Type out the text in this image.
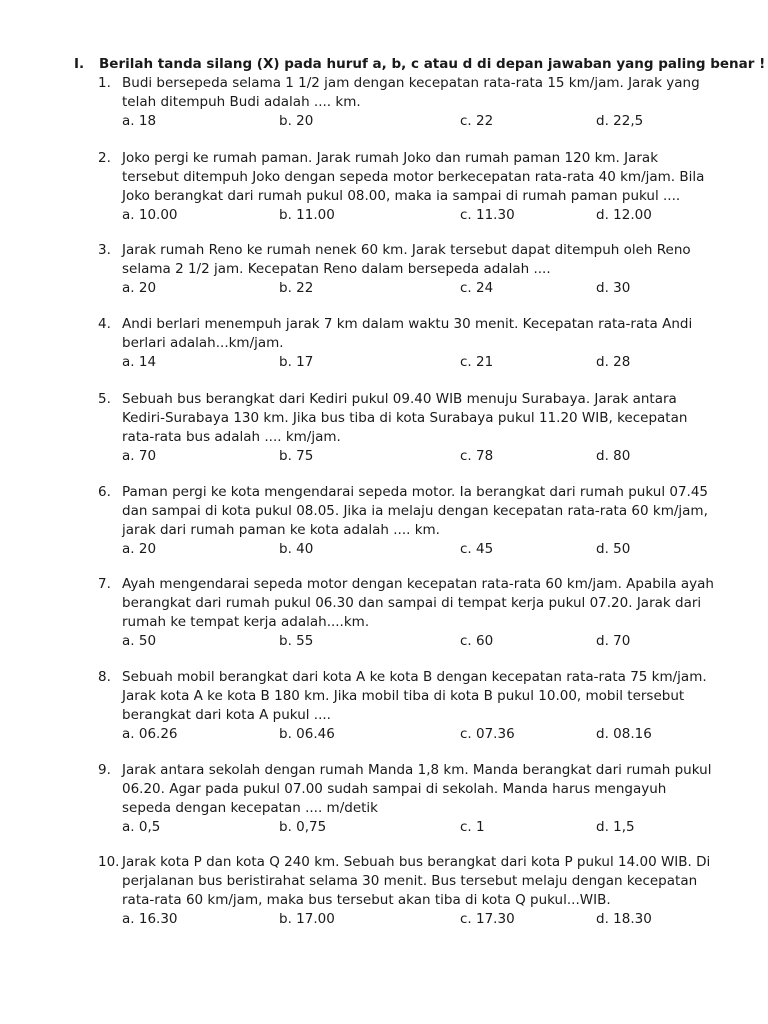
I. Berilah tanda silang (X) pada huruf a, b, c atau d di depan jawaban yang paling benar !
1. Budi bersepeda selama 1 1/2 jam dengan kecepatan rata-rata 15 km/jam. Jarak yang telah ditempuh Budi adalah .... km.
a. 18	b. 20	c. 22	d. 22,5
2. Joko pergi ke rumah paman. Jarak rumah Joko dan rumah paman 120 km. Jarak tersebut ditempuh Joko dengan sepeda motor berkecepatan rata-rata 40 km/jam. Bila Joko berangkat dari rumah pukul 08.00, maka ia sampai di rumah paman pukul ....
a. 10.00	b. 11.00	c. 11.30	d. 12.00
3. Jarak rumah Reno ke rumah nenek 60 km. Jarak tersebut dapat ditempuh oleh Reno selama 2 1/2 jam. Kecepatan Reno dalam bersepeda adalah ....
a. 20	b. 22	c. 24	d. 30
4. Andi berlari menempuh jarak 7 km dalam waktu 30 menit. Kecepatan rata-rata Andi berlari adalah...km/jam.
a. 14	b. 17	c. 21	d. 28
5. Sebuah bus berangkat dari Kediri pukul 09.40 WIB menuju Surabaya. Jarak antara Kediri-Surabaya 130 km. Jika bus tiba di kota Surabaya pukul 11.20 WIB, kecepatan rata-rata bus adalah .... km/jam.
a. 70	b. 75	c. 78	d. 80
6. Paman pergi ke kota mengendarai sepeda motor. Ia berangkat dari rumah pukul 07.45 dan sampai di kota pukul 08.05. Jika ia melaju dengan kecepatan rata-rata 60 km/jam, jarak dari rumah paman ke kota adalah .... km.
a. 20	b. 40	c. 45	d. 50
7. Ayah mengendarai sepeda motor dengan kecepatan rata-rata 60 km/jam. Apabila ayah berangkat dari rumah pukul 06.30 dan sampai di tempat kerja pukul 07.20. Jarak dari rumah ke tempat kerja adalah....km.
a. 50	b. 55	c. 60	d. 70
8. Sebuah mobil berangkat dari kota A ke kota B dengan kecepatan rata-rata 75 km/jam. Jarak kota A ke kota B 180 km. Jika mobil tiba di kota B pukul 10.00, mobil tersebut berangkat dari kota A pukul ....
a. 06.26	b. 06.46	c. 07.36	d. 08.16
9. Jarak antara sekolah dengan rumah Manda 1,8 km. Manda berangkat dari rumah pukul 06.20. Agar pada pukul 07.00 sudah sampai di sekolah. Manda harus mengayuh sepeda dengan kecepatan .... m/detik
a. 0,5	b. 0,75	c. 1	d. 1,5
10. Jarak kota P dan kota Q 240 km. Sebuah bus berangkat dari kota P pukul 14.00 WIB. Di perjalanan bus beristirahat selama 30 menit. Bus tersebut melaju dengan kecepatan rata-rata 60 km/jam, maka bus tersebut akan tiba di kota Q pukul...WIB.
a. 16.30	b. 17.00	c. 17.30	d. 18.30
